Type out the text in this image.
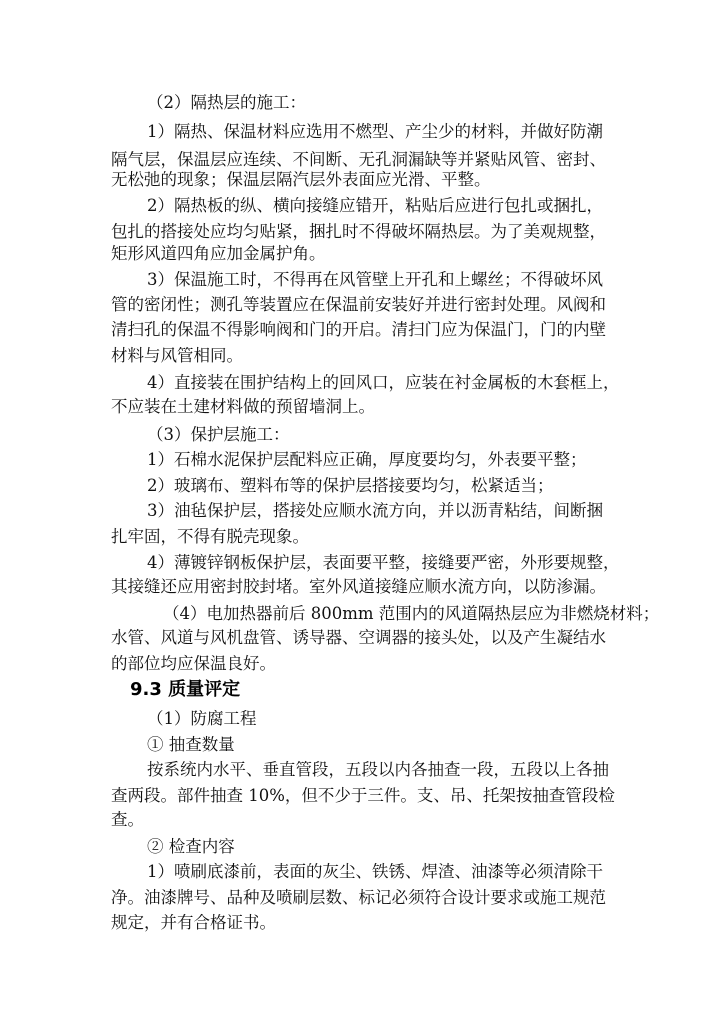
（2）隔热层的施工：
1）隔热、保温材料应选用不燃型、产尘少的材料，并做好防潮
隔气层，保温层应连续、不间断、无孔洞漏缺等并紧贴风管、密封、
无松弛的现象；保温层隔汽层外表面应光滑、平整。
2）隔热板的纵、横向接缝应错开，粘贴后应进行包扎或捆扎，
包扎的搭接处应均匀贴紧，捆扎时不得破坏隔热层。为了美观规整，
矩形风道四角应加金属护角。
3）保温施工时，不得再在风管壁上开孔和上螺丝；不得破坏风
管的密闭性；测孔等装置应在保温前安装好并进行密封处理。风阀和
清扫孔的保温不得影响阀和门的开启。清扫门应为保温门，门的内壁
材料与风管相同。
4）直接装在围护结构上的回风口，应装在衬金属板的木套框上，
不应装在土建材料做的预留墙洞上。
（3）保护层施工：
1）石棉水泥保护层配料应正确，厚度要均匀，外表要平整；
2）玻璃布、塑料布等的保护层搭接要均匀，松紧适当；
3）油毡保护层，搭接处应顺水流方向，并以沥青粘结，间断捆
扎牢固，不得有脱壳现象。
4）薄镀锌钢板保护层，表面要平整，接缝要严密，外形要规整，
其接缝还应用密封胶封堵。室外风道接缝应顺水流方向，以防渗漏。
（4）电加热器前后 800mm 范围内的风道隔热层应为非燃烧材料；
水管、风道与风机盘管、诱导器、空调器的接头处，以及产生凝结水
的部位均应保温良好。
9.3 质量评定
（1）防腐工程
① 抽查数量
按系统内水平、垂直管段，五段以内各抽查一段，五段以上各抽
查两段。部件抽查 10%，但不少于三件。支、吊、托架按抽查管段检
查。
② 检查内容
1）喷刷底漆前，表面的灰尘、铁锈、焊渣、油漆等必须清除干
净。油漆牌号、品种及喷刷层数、标记必须符合设计要求或施工规范
规定，并有合格证书。
